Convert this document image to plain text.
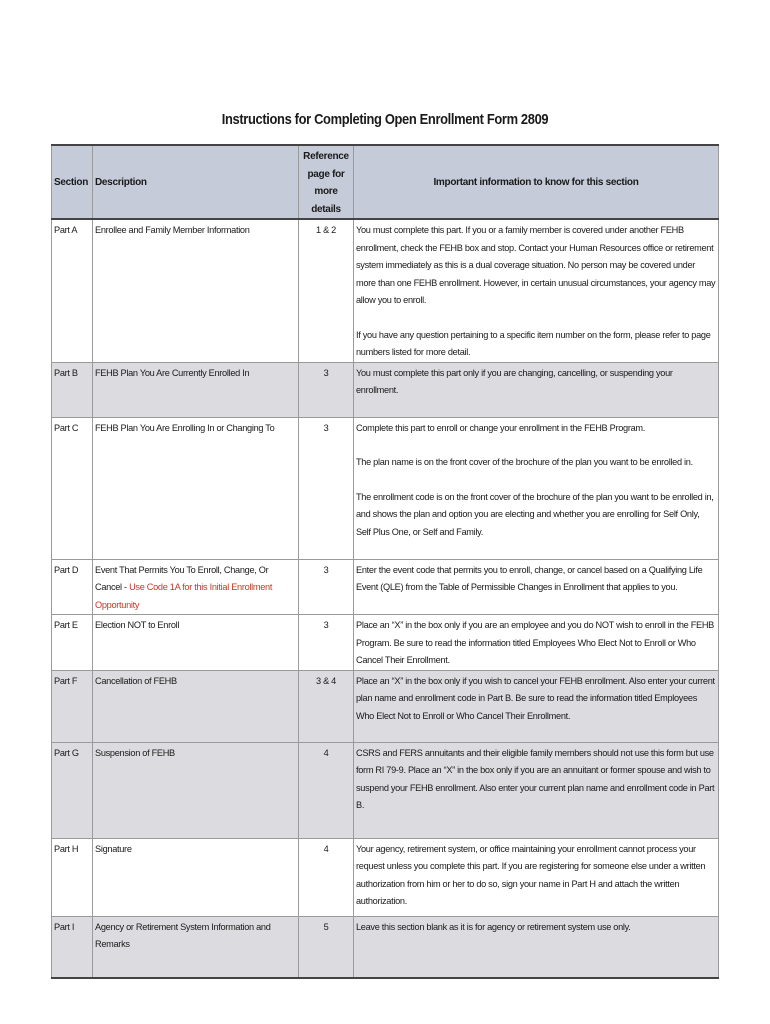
Instructions for Completing Open Enrollment Form 2809
Section	Description	Reference page for more details	Important information to know for this section
Part A	Enrollee and Family Member Information	1 & 2	You must complete this part. If you or a family member is covered under another FEHB enrollment, check the FEHB box and stop. Contact your Human Resources office or retirement system immediately as this is a dual coverage situation. No person may be covered under more than one FEHB enrollment. However, in certain unusual circumstances, your agency may allow you to enroll.

If you have any question pertaining to a specific item number on the form, please refer to page numbers listed for more detail.

Part B	FEHB Plan You Are Currently Enrolled In	3	You must complete this part only if you are changing, cancelling, or suspending your enrollment.

Part C	FEHB Plan You Are Enrolling In or Changing To	3	Complete this part to enroll or change your enrollment in the FEHB Program.

The plan name is on the front cover of the brochure of the plan you want to be enrolled in.

The enrollment code is on the front cover of the brochure of the plan you want to be enrolled in, and shows the plan and option you are electing and whether you are enrolling for Self Only, Self Plus One, or Self and Family.

Part D	Event That Permits You To Enroll, Change, Or Cancel - Use Code 1A for this Initial Enrollment Opportunity	3	Enter the event code that permits you to enroll, change, or cancel based on a Qualifying Life Event (QLE) from the Table of Permissible Changes in Enrollment that applies to you.

Part E	Election NOT to Enroll	3	Place an “X” in the box only if you are an employee and you do NOT wish to enroll in the FEHB Program. Be sure to read the information titled Employees Who Elect Not to Enroll or Who Cancel Their Enrollment.

Part F	Cancellation of FEHB	3 & 4	Place an “X” in the box only if you wish to cancel your FEHB enrollment. Also enter your current plan name and enrollment code in Part B. Be sure to read the information titled Employees Who Elect Not to Enroll or Who Cancel Their Enrollment.

Part G	Suspension of FEHB	4	CSRS and FERS annuitants and their eligible family members should not use this form but use form RI 79-9. Place an “X” in the box only if you are an annuitant or former spouse and wish to suspend your FEHB enrollment. Also enter your current plan name and enrollment code in Part B.

Part H	Signature	4	Your agency, retirement system, or office maintaining your enrollment cannot process your request unless you complete this part. If you are registering for someone else under a written authorization from him or her to do so, sign your name in Part H and attach the written authorization.

Part I	Agency or Retirement System Information and Remarks	5	Leave this section blank as it is for agency or retirement system use only.
